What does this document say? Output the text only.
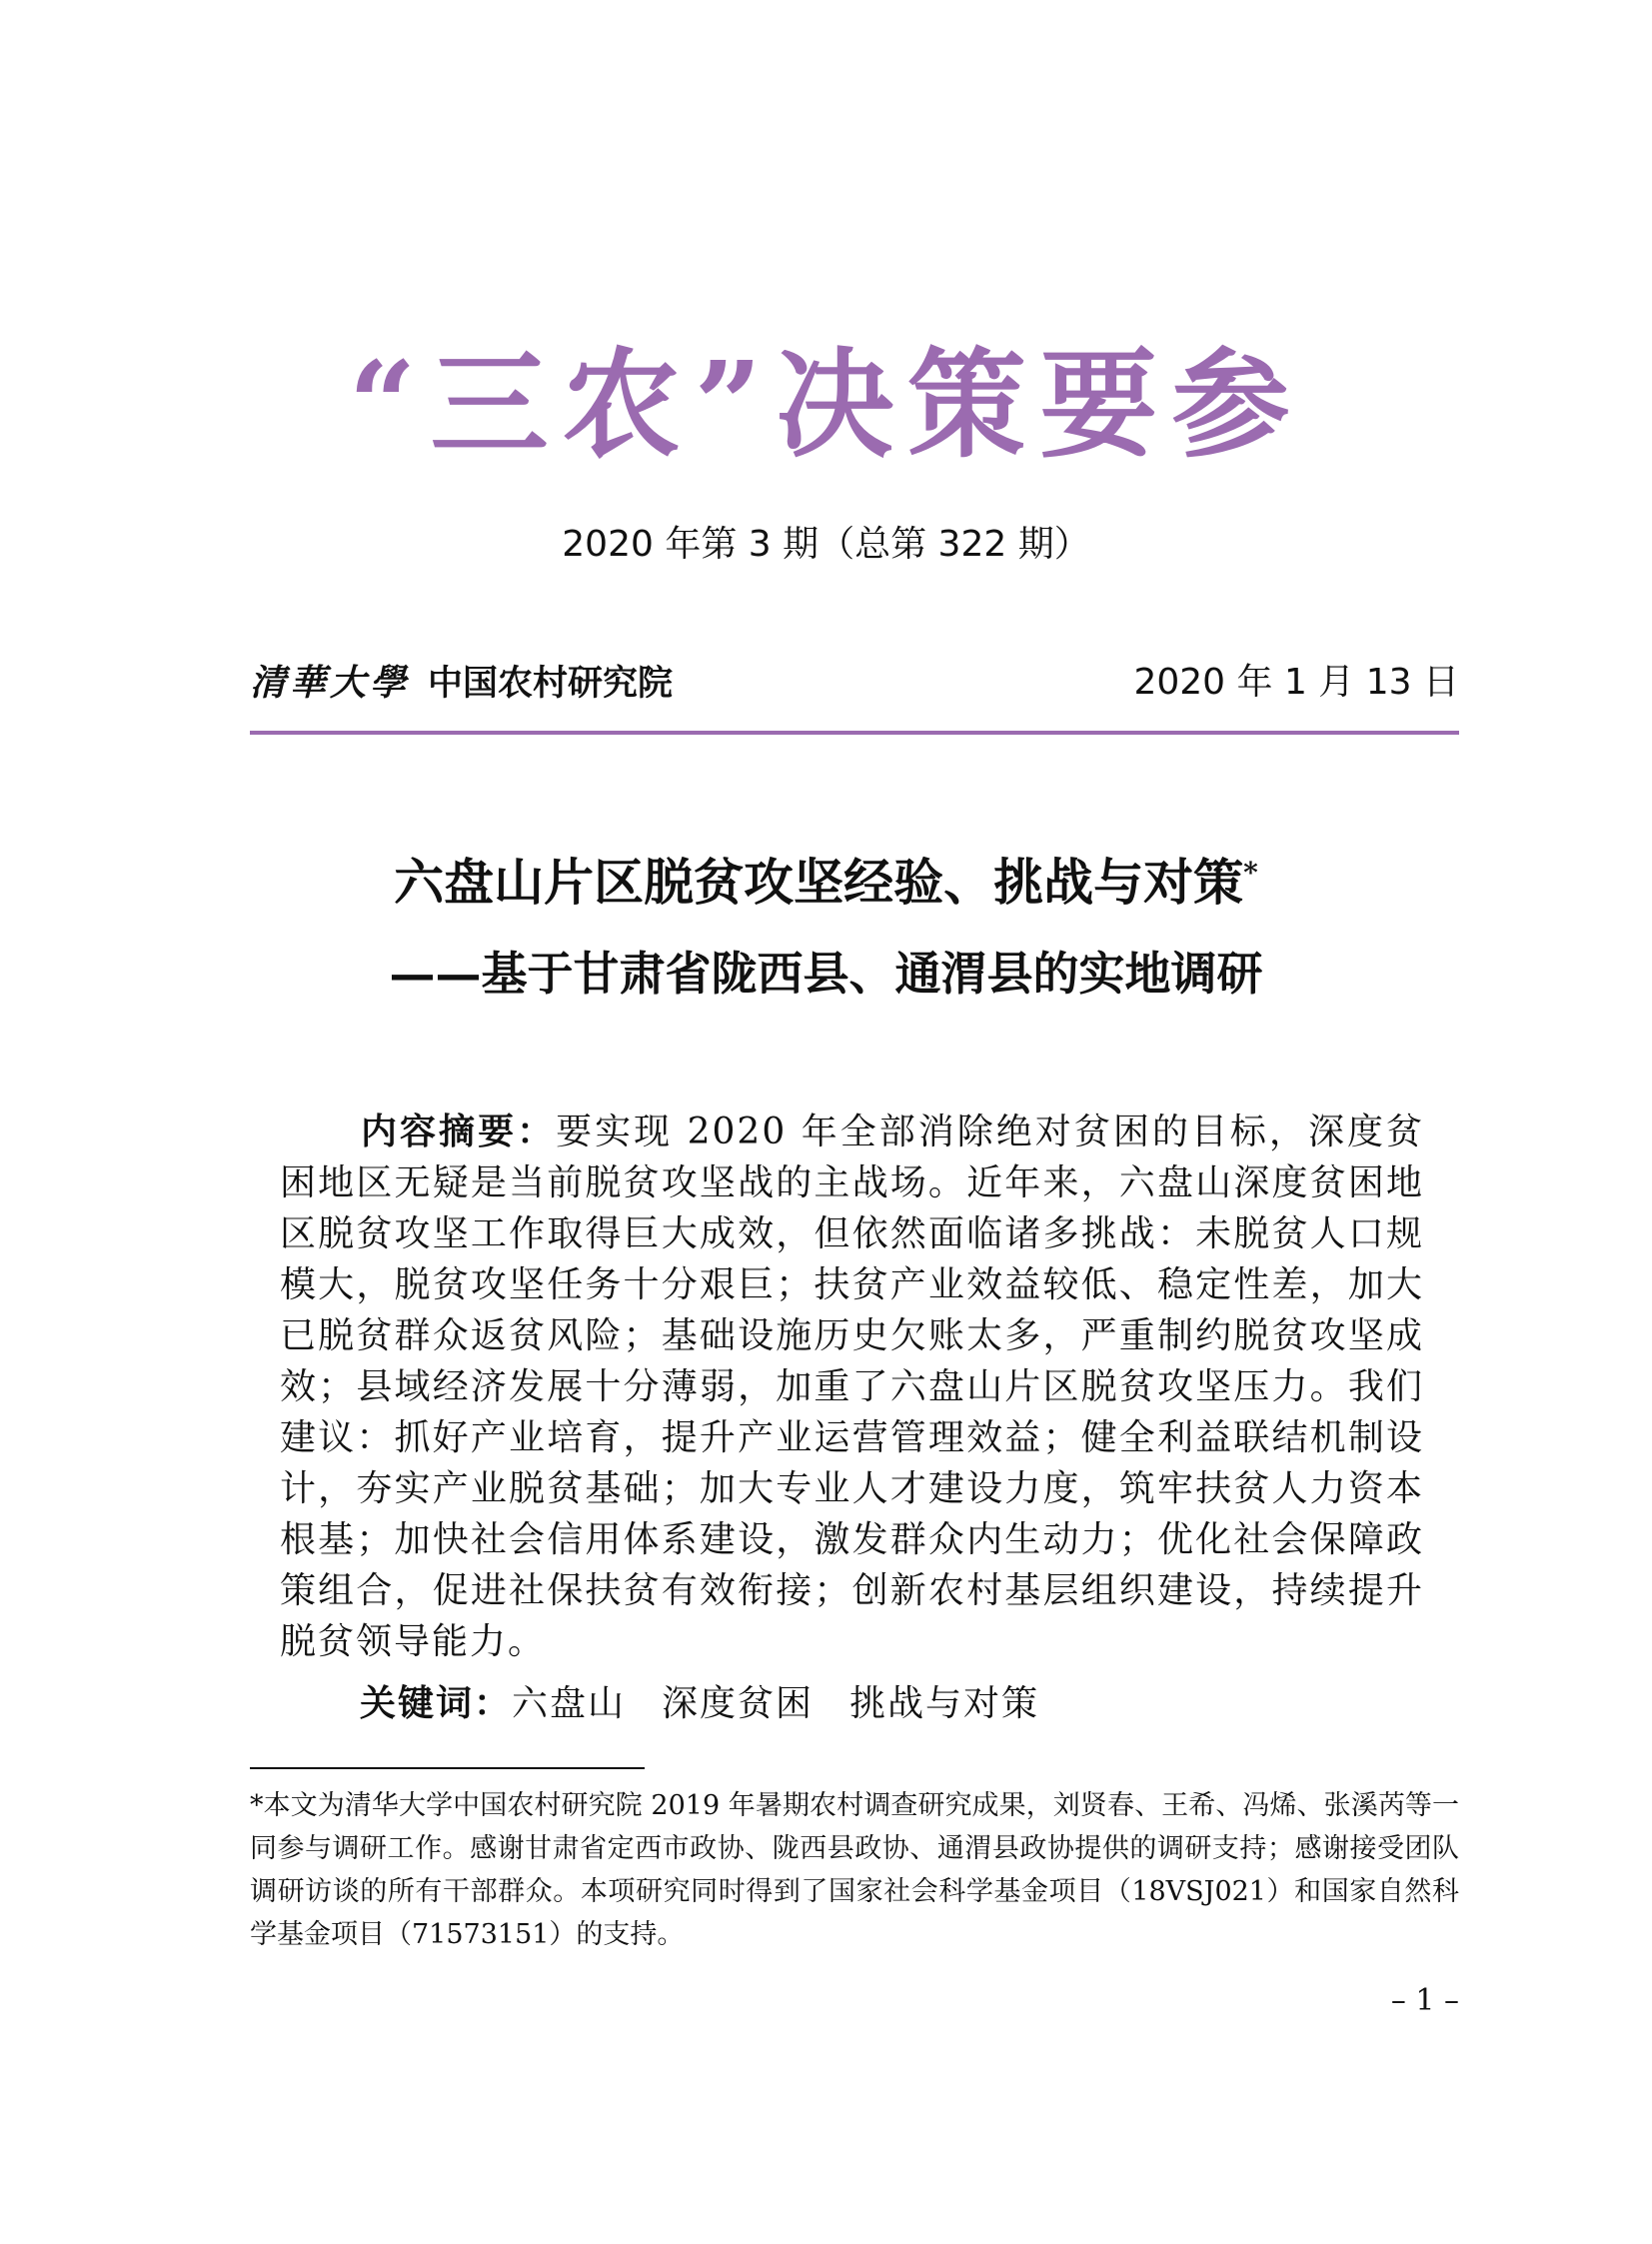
“三农”决策要参
2020 年第 3 期（总第 322 期）
清華大學 中国农村研究院	2020 年 1 月 13 日
六盘山片区脱贫攻坚经验、挑战与对策*
——基于甘肃省陇西县、通渭县的实地调研
内容摘要：要实现 2020 年全部消除绝对贫困的目标，深度贫困地区无疑是当前脱贫攻坚战的主战场。近年来，六盘山深度贫困地区脱贫攻坚工作取得巨大成效，但依然面临诸多挑战：未脱贫人口规模大，脱贫攻坚任务十分艰巨；扶贫产业效益较低、稳定性差，加大已脱贫群众返贫风险；基础设施历史欠账太多，严重制约脱贫攻坚成效；县域经济发展十分薄弱，加重了六盘山片区脱贫攻坚压力。我们建议：抓好产业培育，提升产业运营管理效益；健全利益联结机制设计，夯实产业脱贫基础；加大专业人才建设力度，筑牢扶贫人力资本根基；加快社会信用体系建设，激发群众内生动力；优化社会保障政策组合，促进社保扶贫有效衔接；创新农村基层组织建设，持续提升脱贫领导能力。
关键词：六盘山 深度贫困 挑战与对策
*本文为清华大学中国农村研究院 2019 年暑期农村调查研究成果，刘贤春、王希、冯烯、张溪芮等一同参与调研工作。感谢甘肃省定西市政协、陇西县政协、通渭县政协提供的调研支持；感谢接受团队调研访谈的所有干部群众。本项研究同时得到了国家社会科学基金项目（18VSJ021）和国家自然科学基金项目（71573151）的支持。
– 1 –
